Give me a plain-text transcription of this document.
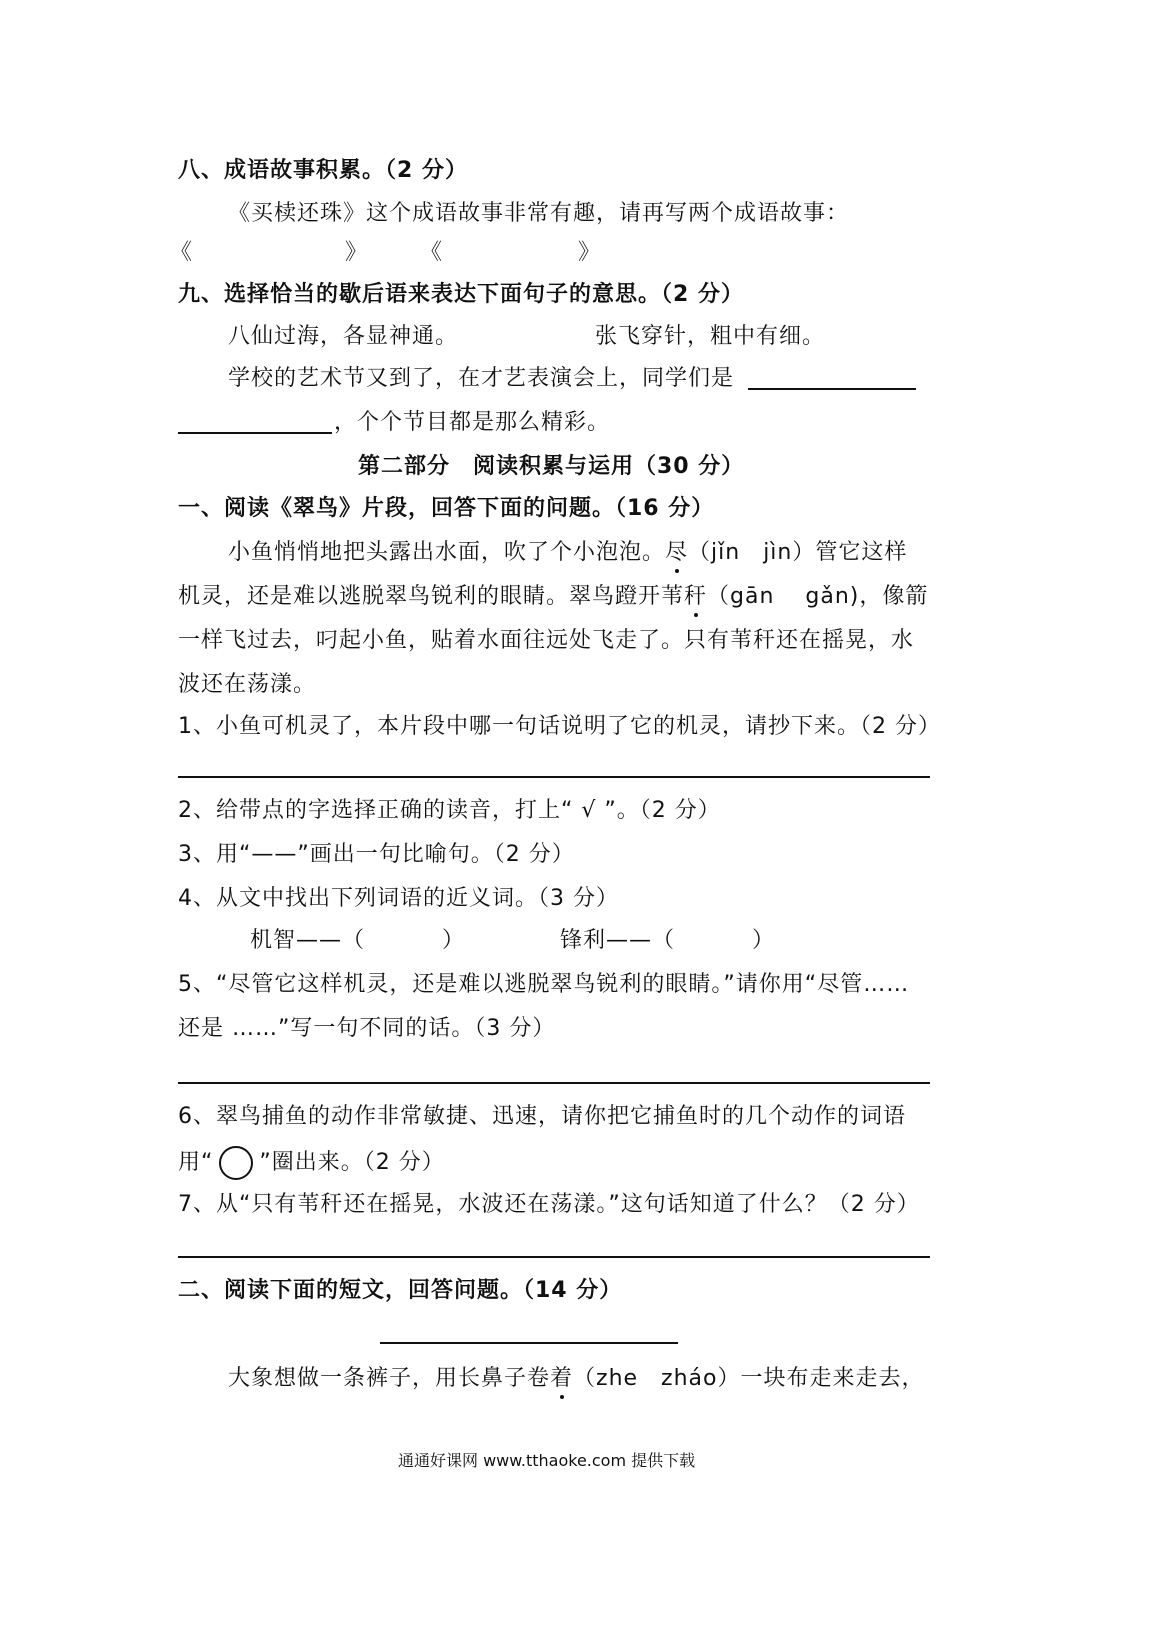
八、成语故事积累。（2 分）
《买椟还珠》这个成语故事非常有趣，请再写两个成语故事：
《	》 《	》
九、选择恰当的歇后语来表达下面句子的意思。（2 分）
八仙过海，各显神通。	张飞穿针，粗中有细。
学校的艺术节又到了，在才艺表演会上，同学们是
，个个节目都是那么精彩。
第二部分　阅读积累与运用（30 分）
一、阅读《翠鸟》片段，回答下面的问题。（16 分）
小鱼悄悄地把头露出水面，吹了个小泡泡。尽（jǐn　jìn）管它这样
机灵，还是难以逃脱翠鸟锐利的眼睛。翠鸟蹬开苇秆（gān　 gǎn)，像箭
一样飞过去，叼起小鱼，贴着水面往远处飞走了。只有苇秆还在摇晃，水
波还在荡漾。
1、小鱼可机灵了，本片段中哪一句话说明了它的机灵，请抄下来。（2 分）
2、给带点的字选择正确的读音，打上“ √ ”。（2 分）
3、用“——”画出一句比喻句。（2 分）
4、从文中找出下列词语的近义词。（3 分）
机智——（　　　 ）	锋利——（　　　 ）
5、“尽管它这样机灵，还是难以逃脱翠鸟锐利的眼睛。”请你用“尽管……
还是 ……”写一句不同的话。（3 分）
6、翠鸟捕鱼的动作非常敏捷、迅速，请你把它捕鱼时的几个动作的词语
用“ ”圈出来。（2 分）
7、从“只有苇秆还在摇晃，水波还在荡漾。”这句话知道了什么？（2 分）
二、阅读下面的短文，回答问题。（14 分）
大象想做一条裤子，用长鼻子卷着（zhe　zháo）一块布走来走去，
通通好课网 www.tthaoke.com 提供下载
